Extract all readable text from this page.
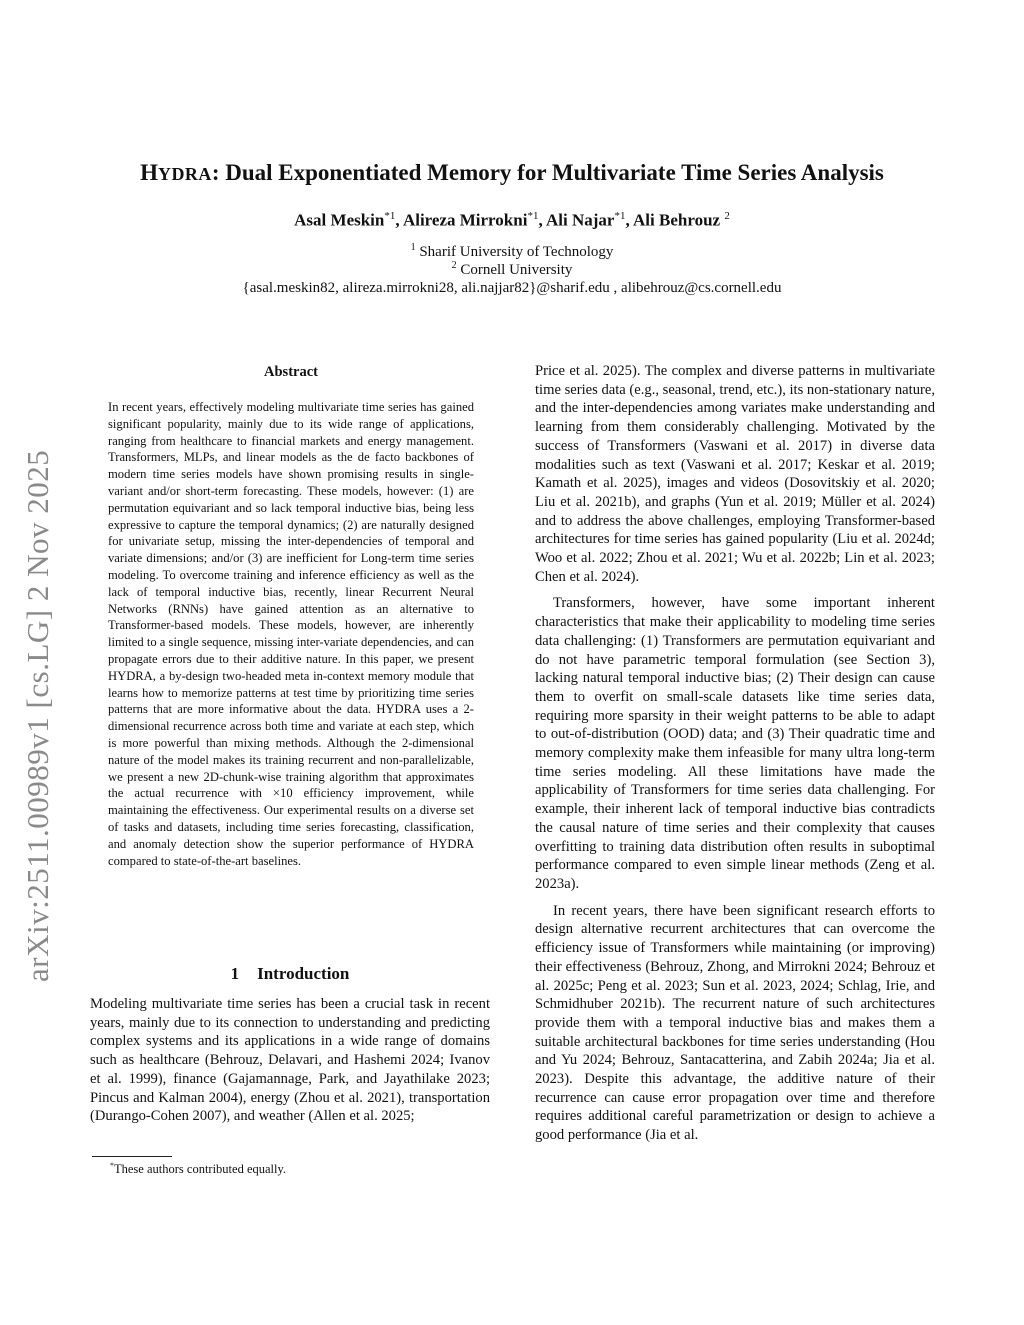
arXiv:2511.00989v1 [cs.LG] 2 Nov 2025
HYDRA: Dual Exponentiated Memory for Multivariate Time Series Analysis
Asal Meskin$^{*1}$, Alireza Mirrokni$^{*1}$, Ali Najar$^{*1}$, Ali Behrouz $^2$
$^1$ Sharif University of Technology
$^2$ Cornell University
{asal.meskin82, alireza.mirrokni28, ali.najjar82}@sharif.edu , alibehrouz@cs.cornell.edu
Abstract
In recent years, effectively modeling multivariate time series has gained significant popularity, mainly due to its wide range of applications, ranging from healthcare to financial markets and energy management. Transformers, MLPs, and linear models as the de facto backbones of modern time series models have shown promising results in single-variant and/or short-term forecasting. These models, however: (1) are permutation equivariant and so lack temporal inductive bias, being less expressive to capture the temporal dynamics; (2) are naturally designed for univariate setup, missing the inter-dependencies of temporal and variate dimensions; and/or (3) are inefficient for Long-term time series modeling. To overcome training and inference efficiency as well as the lack of temporal inductive bias, recently, linear Recurrent Neural Networks (RNNs) have gained attention as an alternative to Transformer-based models. These models, however, are inherently limited to a single sequence, missing inter-variate dependencies, and can propagate errors due to their additive nature. In this paper, we present HYDRA, a by-design two-headed meta in-context memory module that learns how to memorize patterns at test time by prioritizing time series patterns that are more informative about the data. HYDRA uses a 2-dimensional recurrence across both time and variate at each step, which is more powerful than mixing methods. Although the 2-dimensional nature of the model makes its training recurrent and non-parallelizable, we present a new 2D-chunk-wise training algorithm that approximates the actual recurrence with ×10 efficiency improvement, while maintaining the effectiveness. Our experimental results on a diverse set of tasks and datasets, including time series forecasting, classification, and anomaly detection show the superior performance of HYDRA compared to state-of-the-art baselines.
1 Introduction
Modeling multivariate time series has been a crucial task in recent years, mainly due to its connection to understanding and predicting complex systems and its applications in a wide range of domains such as healthcare (Behrouz, Delavari, and Hashemi 2024; Ivanov et al. 1999), finance (Gajamannage, Park, and Jayathilake 2023; Pincus and Kalman 2004), energy (Zhou et al. 2021), transportation (Durango-Cohen 2007), and weather (Allen et al. 2025;
*These authors contributed equally.

Price et al. 2025). The complex and diverse patterns in multivariate time series data (e.g., seasonal, trend, etc.), its non-stationary nature, and the inter-dependencies among variates make understanding and learning from them considerably challenging. Motivated by the success of Transformers (Vaswani et al. 2017) in diverse data modalities such as text (Vaswani et al. 2017; Keskar et al. 2019; Kamath et al. 2025), images and videos (Dosovitskiy et al. 2020; Liu et al. 2021b), and graphs (Yun et al. 2019; Müller et al. 2024) and to address the above challenges, employing Transformer-based architectures for time series has gained popularity (Liu et al. 2024d; Woo et al. 2022; Zhou et al. 2021; Wu et al. 2022b; Lin et al. 2023; Chen et al. 2024).

Transformers, however, have some important inherent characteristics that make their applicability to modeling time series data challenging: (1) Transformers are permutation equivariant and do not have parametric temporal formulation (see Section 3), lacking natural temporal inductive bias; (2) Their design can cause them to overfit on small-scale datasets like time series data, requiring more sparsity in their weight patterns to be able to adapt to out-of-distribution (OOD) data; and (3) Their quadratic time and memory complexity make them infeasible for many ultra long-term time series modeling. All these limitations have made the applicability of Transformers for time series data challenging. For example, their inherent lack of temporal inductive bias contradicts the causal nature of time series and their complexity that causes overfitting to training data distribution often results in suboptimal performance compared to even simple linear methods (Zeng et al. 2023a).

In recent years, there have been significant research efforts to design alternative recurrent architectures that can overcome the efficiency issue of Transformers while maintaining (or improving) their effectiveness (Behrouz, Zhong, and Mirrokni 2024; Behrouz et al. 2025c; Peng et al. 2023; Sun et al. 2023, 2024; Schlag, Irie, and Schmidhuber 2021b). The recurrent nature of such architectures provide them with a temporal inductive bias and makes them a suitable architectural backbones for time series understanding (Hou and Yu 2024; Behrouz, Santacatterina, and Zabih 2024a; Jia et al. 2023). Despite this advantage, the additive nature of their recurrence can cause error propagation over time and therefore requires additional careful parametrization or design to achieve a good performance (Jia et al.
